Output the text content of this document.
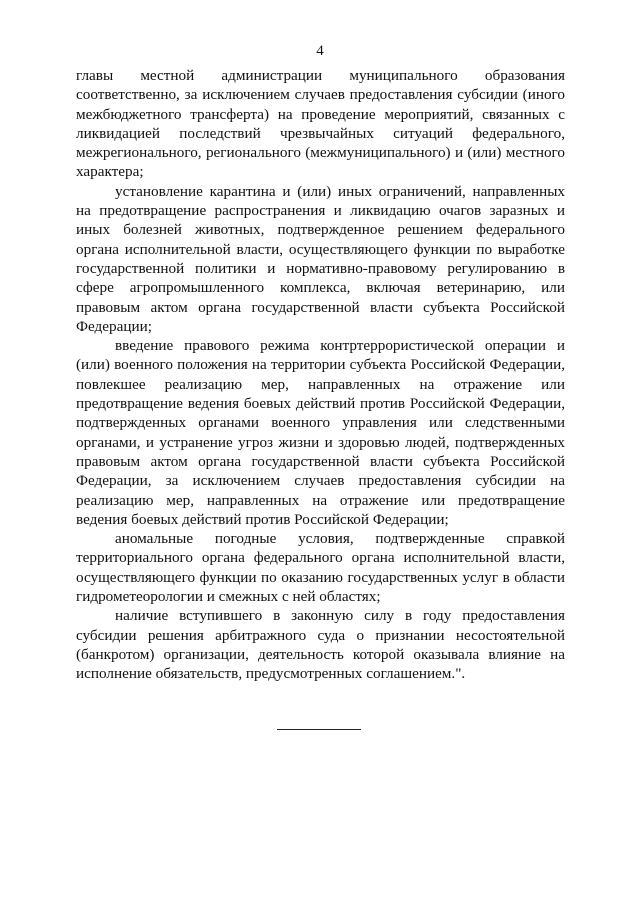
4

главы местной администрации муниципального образования соответственно, за исключением случаев предоставления субсидии (иного межбюджетного трансферта) на проведение мероприятий, связанных с ликвидацией последствий чрезвычайных ситуаций федерального, межрегионального, регионального (межмуниципального) и (или) местного характера;

установление карантина и (или) иных ограничений, направленных на предотвращение распространения и ликвидацию очагов заразных и иных болезней животных, подтвержденное решением федерального органа исполнительной власти, осуществляющего функции по выработке государственной политики и нормативно-правовому регулированию в сфере агропромышленного комплекса, включая ветеринарию, или правовым актом органа государственной власти субъекта Российской Федерации;

введение правового режима контртеррористической операции и (или) военного положения на территории субъекта Российской Федерации, повлекшее реализацию мер, направленных на отражение или предотвращение ведения боевых действий против Российской Федерации, подтвержденных органами военного управления или следственными органами, и устранение угроз жизни и здоровью людей, подтвержденных правовым актом органа государственной власти субъекта Российской Федерации, за исключением случаев предоставления субсидии на реализацию мер, направленных на отражение или предотвращение ведения боевых действий против Российской Федерации;

аномальные погодные условия, подтвержденные справкой территориального органа федерального органа исполнительной власти, осуществляющего функции по оказанию государственных услуг в области гидрометеорологии и смежных с ней областях;

наличие вступившего в законную силу в году предоставления субсидии решения арбитражного суда о признании несостоятельной (банкротом) организации, деятельность которой оказывала влияние на исполнение обязательств, предусмотренных соглашением.".
